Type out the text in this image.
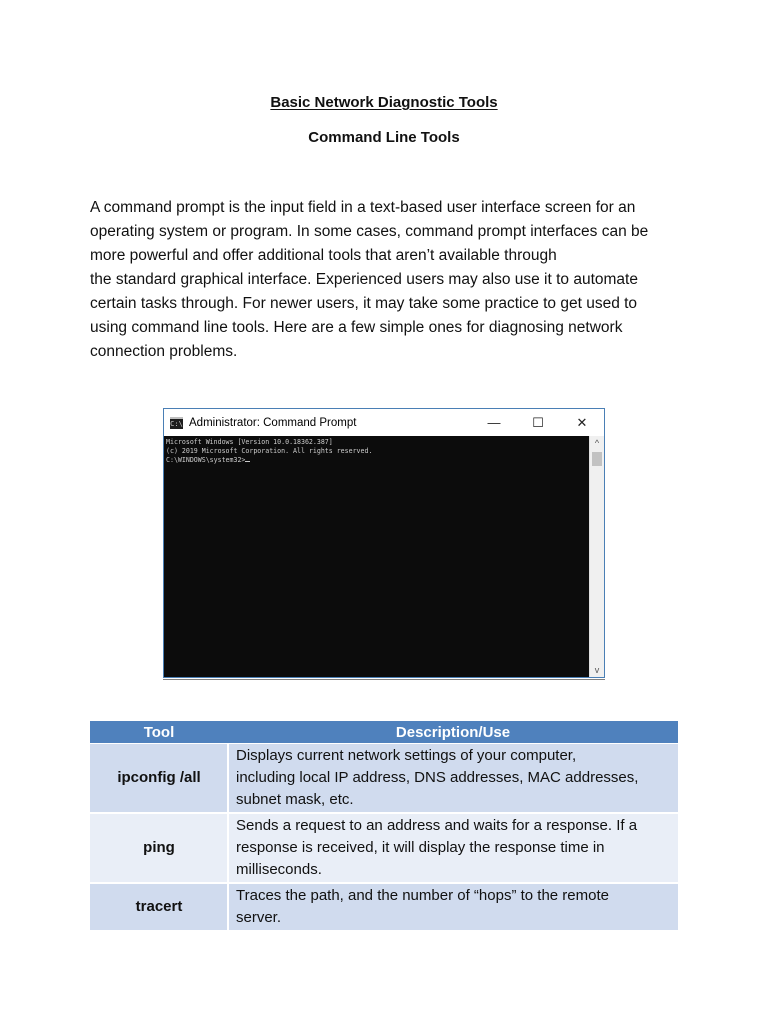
Basic Network Diagnostic Tools
Command Line Tools
A command prompt is the input field in a text-based user interface screen for an
operating system or program. In some cases, command prompt interfaces can be
more powerful and offer additional tools that aren’t available through
the standard graphical interface. Experienced users may also use it to automate
certain tasks through. For newer users, it may take some practice to get used to
using command line tools. Here are a few simple ones for diagnosing network
connection problems.
C:\ Administrator: Command Prompt	—	☐	✕
Microsoft Windows [Version 10.0.18362.387]
(c) 2019 Microsoft Corporation. All rights reserved.
C:\WINDOWS\system32>
^
v
Tool	Description/Use
ipconfig /all	Displays current network settings of your computer,
including local IP address, DNS addresses, MAC addresses,
subnet mask, etc.

ping	Sends a request to an address and waits for a response. If a
response is received, it will display the response time in
milliseconds.

tracert	Traces the path, and the number of “hops” to the remote
server.
